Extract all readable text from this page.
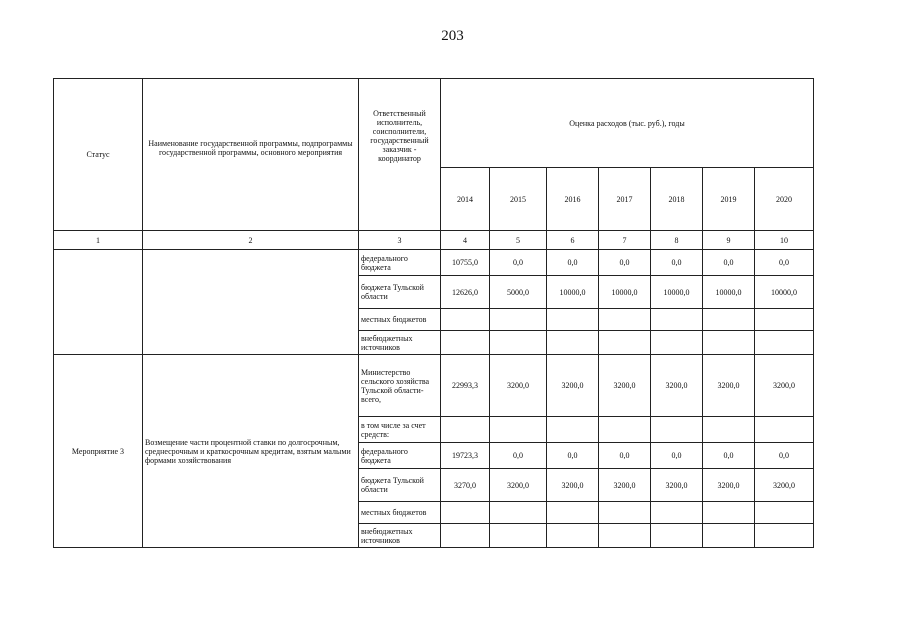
203
Статус	Наименование государственной программы, подпрограммы государственной программы, основного мероприятия	Ответственный исполнитель, соисполнители, государственный заказчик - координатор	Оценка расходов (тыс. руб.), годы						
			2014	2015	2016	2017	2018	2019	2020
1	2	3	4	5	6	7	8	9	10
		федерального бюджета	10755,0	0,0	0,0	0,0	0,0	0,0	0,0
		бюджета Тульской области	12626,0	5000,0	10000,0	10000,0	10000,0	10000,0	10000,0
		местных бюджетов							
		внебюджетных источников							
Мероприятие 3	Возмещение части процентной ставки по долгосрочным, среднесрочным и краткосрочным кредитам, взятым малыми формами хозяйствования	Министерство сельского хозяйства Тульской области- всего,	22993,3	3200,0	3200,0	3200,0	3200,0	3200,0	3200,0
		в том числе за счет средств:							
		федерального бюджета	19723,3	0,0	0,0	0,0	0,0	0,0	0,0
		бюджета Тульской области	3270,0	3200,0	3200,0	3200,0	3200,0	3200,0	3200,0
		местных бюджетов							
		внебюджетных источников							
